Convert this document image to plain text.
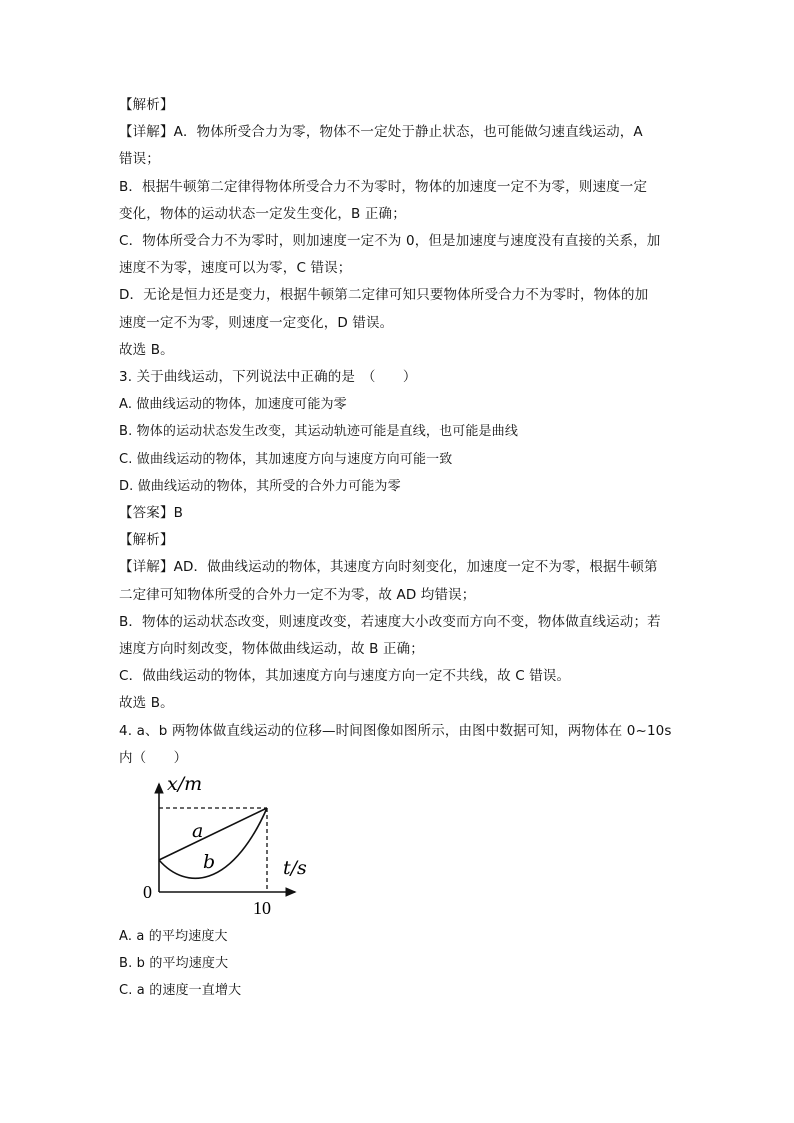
【解析】
【详解】A．物体所受合力为零，物体不一定处于静止状态，也可能做匀速直线运动，A
错误；
B．根据牛顿第二定律得物体所受合力不为零时，物体的加速度一定不为零，则速度一定
变化，物体的运动状态一定发生变化，B 正确；
C．物体所受合力不为零时，则加速度一定不为 0，但是加速度与速度没有直接的关系，加
速度不为零，速度可以为零，C 错误；
D．无论是恒力还是变力，根据牛顿第二定律可知只要物体所受合力不为零时，物体的加
速度一定不为零，则速度一定变化，D 错误。
故选 B。
3. 关于曲线运动，下列说法中正确的是　（　　）
A. 做曲线运动的物体，加速度可能为零
B. 物体的运动状态发生改变，其运动轨迹可能是直线，也可能是曲线
C. 做曲线运动的物体，其加速度方向与速度方向可能一致
D. 做曲线运动的物体，其所受的合外力可能为零
【答案】B
【解析】
【详解】AD．做曲线运动的物体，其速度方向时刻变化，加速度一定不为零，根据牛顿第
二定律可知物体所受的合外力一定不为零，故 AD 均错误；
B．物体的运动状态改变，则速度改变，若速度大小改变而方向不变，物体做直线运动；若
速度方向时刻改变，物体做曲线运动，故 B 正确；
C．做曲线运动的物体，其加速度方向与速度方向一定不共线，故 C 错误。
故选 B。
4. a、b 两物体做直线运动的位移—时间图像如图所示，由图中数据可知，两物体在 0~10s
内（　　）
x/m
t/s
0
10
a
b
A. a 的平均速度大
B. b 的平均速度大
C. a 的速度一直增大
